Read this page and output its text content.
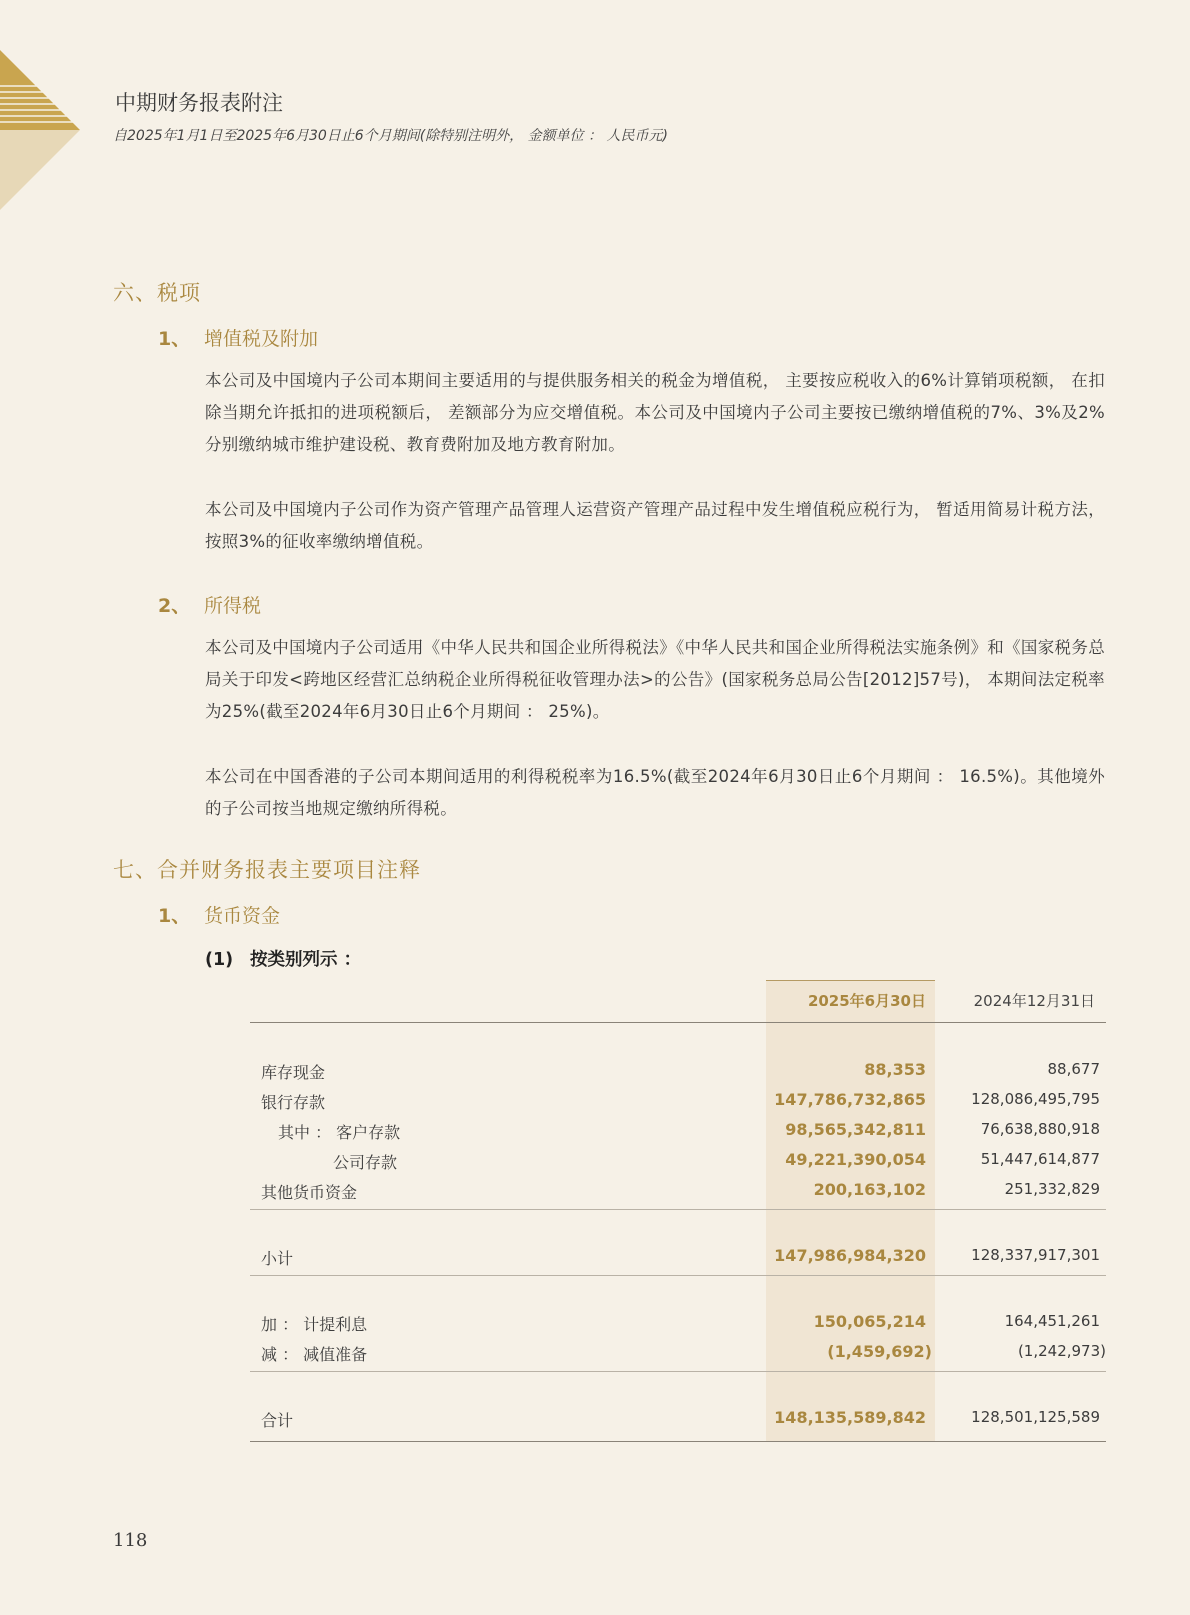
中期财务报表附注
自2025年1月1日至2025年6月30日止6个月期间(除特别注明外， 金额单位 ： 人民币元)
六、税项
1、 增值税及附加
本公司及中国境内子公司本期间主要适用的与提供服务相关的税金为增值税， 主要按应税收入的6%计算销项税额， 在扣除当期允许抵扣的进项税额后， 差额部分为应交增值税。本公司及中国境内子公司主要按已缴纳增值税的7%、3%及2%分别缴纳城市维护建设税、教育费附加及地方教育附加。
本公司及中国境内子公司作为资产管理产品管理人运营资产管理产品过程中发生增值税应税行为， 暂适用简易计税方法， 按照3%的征收率缴纳增值税。
2、 所得税
本公司及中国境内子公司适用《中华人民共和国企业所得税法》《中华人民共和国企业所得税法实施条例》和《国家税务总局关于印发<跨地区经营汇总纳税企业所得税征收管理办法>的公告》(国家税务总局公告[2012]57号)， 本期间法定税率为25%(截至2024年6月30日止6个月期间 ： 25%)。
本公司在中国香港的子公司本期间适用的利得税税率为16.5%(截至2024年6月30日止6个月期间 ： 16.5%)。其他境外的子公司按当地规定缴纳所得税。
七、合并财务报表主要项目注释
1、 货币资金
(1) 按类别列示 ：
2025年6月30日	2024年12月31日
库存现金	88,353	88,677
银行存款	147,786,732,865	128,086,495,795
其中 ： 客户存款	98,565,342,811	76,638,880,918
公司存款	49,221,390,054	51,447,614,877
其他货币资金	200,163,102	251,332,829
小计	147,986,984,320	128,337,917,301
加 ： 计提利息	150,065,214	164,451,261
减 ： 减值准备	(1,459,692)	(1,242,973)
合计	148,135,589,842	128,501,125,589
118
